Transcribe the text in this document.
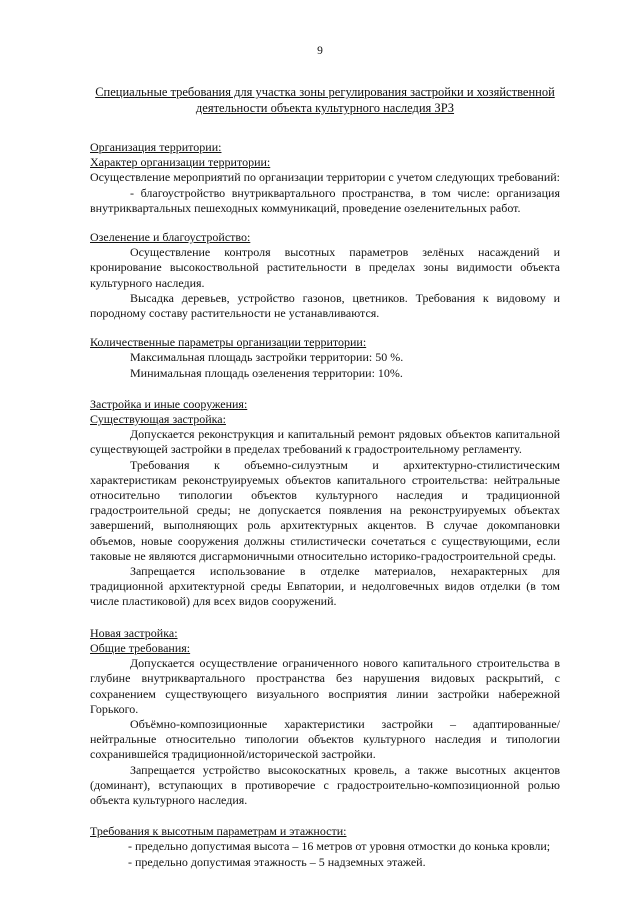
9
Специальные требования для участка зоны регулирования застройки и хозяйственной деятельности объекта культурного наследия ЗРЗ

Организация территории:

Характер организации территории:

Осуществление мероприятий по организации территории с учетом следующих требований:

- благоустройство внутриквартального пространства, в том числе: организация внутриквартальных пешеходных коммуникаций, проведение озеленительных работ.

Озеленение и благоустройство:

Осуществление контроля высотных параметров зелёных насаждений и кронирование высокоствольной растительности в пределах зоны видимости объекта культурного наследия.

Высадка деревьев, устройство газонов, цветников. Требования к видовому и породному составу растительности не устанавливаются.

Количественные параметры организации территории:

Максимальная площадь застройки территории: 50 %.

Минимальная площадь озеленения территории: 10%.

Застройка и иные сооружения:

Существующая застройка:

Допускается реконструкция и капитальный ремонт рядовых объектов капитальной существующей застройки в пределах требований к градостроительному регламенту.

Требования к объемно-силуэтным и архитектурно-стилистическим характеристикам реконструируемых объектов капитального строительства: нейтральные относительно типологии объектов культурного наследия и традиционной градостроительной среды; не допускается появления на реконструируемых объектах завершений, выполняющих роль архитектурных акцентов. В случае докомпановки объемов, новые сооружения должны стилистически сочетаться с существующими, если таковые не являются дисгармоничными относительно историко-градостроительной среды.

Запрещается использование в отделке материалов, нехарактерных для традиционной архитектурной среды Евпатории, и недолговечных видов отделки (в том числе пластиковой) для всех видов сооружений.

Новая застройка:

Общие требования:

Допускается осуществление ограниченного нового капитального строительства в глубине внутриквартального пространства без нарушения видовых раскрытий, с сохранением существующего визуального восприятия линии застройки набережной Горького.

Объёмно-композиционные характеристики застройки – адаптированные/нейтральные относительно типологии объектов культурного наследия и типологии сохранившейся традиционной/исторической застройки.

Запрещается устройство высокоскатных кровель, а также высотных акцентов (доминант), вступающих в противоречие с градостроительно-композиционной ролью объекта культурного наследия.

Требования к высотным параметрам и этажности:

- предельно допустимая высота – 16 метров от уровня отмостки до конька кровли;

- предельно допустимая этажность – 5 надземных этажей.
